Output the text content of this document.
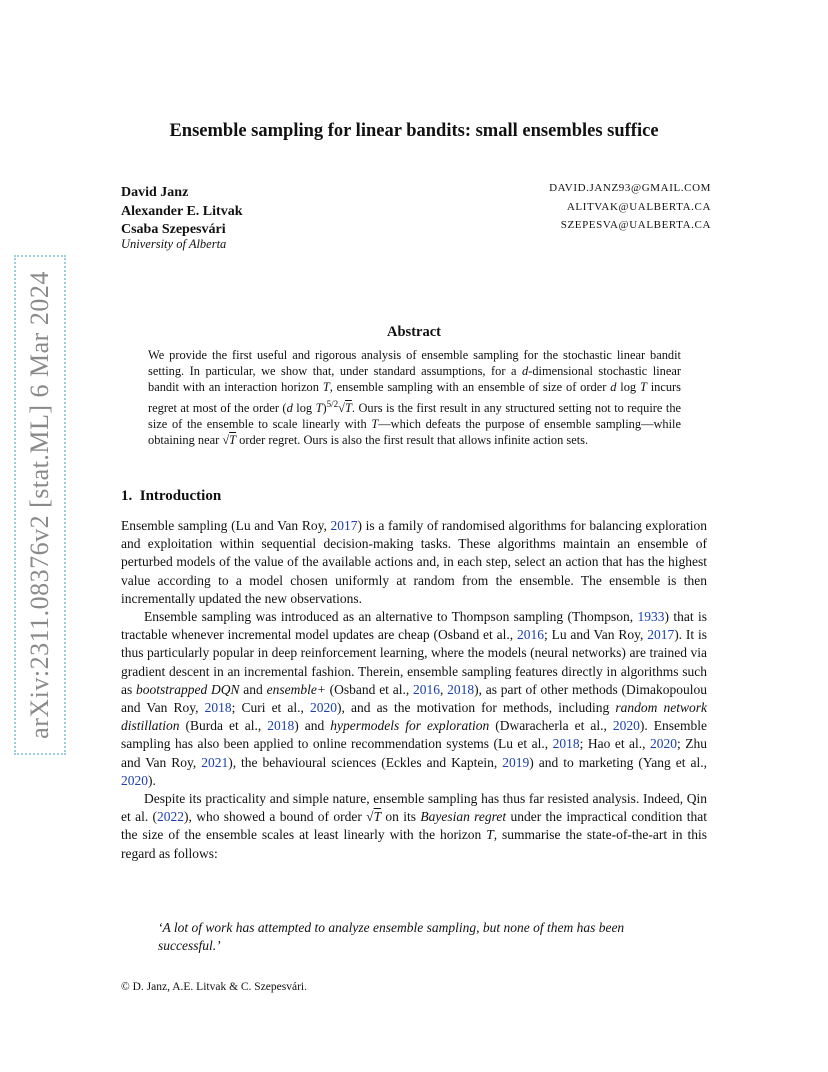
arXiv:2311.08376v2 [stat.ML] 6 Mar 2024
Ensemble sampling for linear bandits: small ensembles suffice
David Janz	DAVID.JANZ93@GMAIL.COM
Alexander E. Litvak	ALITVAK@UALBERTA.CA
Csaba Szepesvári	SZEPESVA@UALBERTA.CA
University of Alberta
Abstract
We provide the first useful and rigorous analysis of ensemble sampling for the stochastic linear bandit setting. In particular, we show that, under standard assumptions, for a d-dimensional stochastic linear bandit with an interaction horizon T, ensemble sampling with an ensemble of size of order d log T incurs regret at most of the order (d log T)$^{5/2}$√T. Ours is the first result in any structured setting not to require the size of the ensemble to scale linearly with T—which defeats the purpose of ensemble sampling—while obtaining near √T order regret. Ours is also the first result that allows infinite action sets.
1. Introduction

Ensemble sampling (Lu and Van Roy, 2017) is a family of randomised algorithms for balancing exploration and exploitation within sequential decision-making tasks. These algorithms maintain an ensemble of perturbed models of the value of the available actions and, in each step, select an action that has the highest value according to a model chosen uniformly at random from the ensemble. The ensemble is then incrementally updated the new observations.

Ensemble sampling was introduced as an alternative to Thompson sampling (Thompson, 1933) that is tractable whenever incremental model updates are cheap (Osband et al., 2016; Lu and Van Roy, 2017). It is thus particularly popular in deep reinforcement learning, where the models (neural networks) are trained via gradient descent in an incremental fashion. Therein, ensemble sampling features directly in algorithms such as bootstrapped DQN and ensemble+ (Osband et al., 2016, 2018), as part of other methods (Dimakopoulou and Van Roy, 2018; Curi et al., 2020), and as the motivation for methods, including random network distillation (Burda et al., 2018) and hypermodels for exploration (Dwaracherla et al., 2020). Ensemble sampling has also been applied to online recommendation systems (Lu et al., 2018; Hao et al., 2020; Zhu and Van Roy, 2021), the behavioural sciences (Eckles and Kaptein, 2019) and to marketing (Yang et al., 2020).

Despite its practicality and simple nature, ensemble sampling has thus far resisted analysis. Indeed, Qin et al. (2022), who showed a bound of order √T on its Bayesian regret under the impractical condition that the size of the ensemble scales at least linearly with the horizon T, summarise the state-of-the-art in this regard as follows:

‘A lot of work has attempted to analyze ensemble sampling, but none of them has been successful.’
© D. Janz, A.E. Litvak & C. Szepesvári.
